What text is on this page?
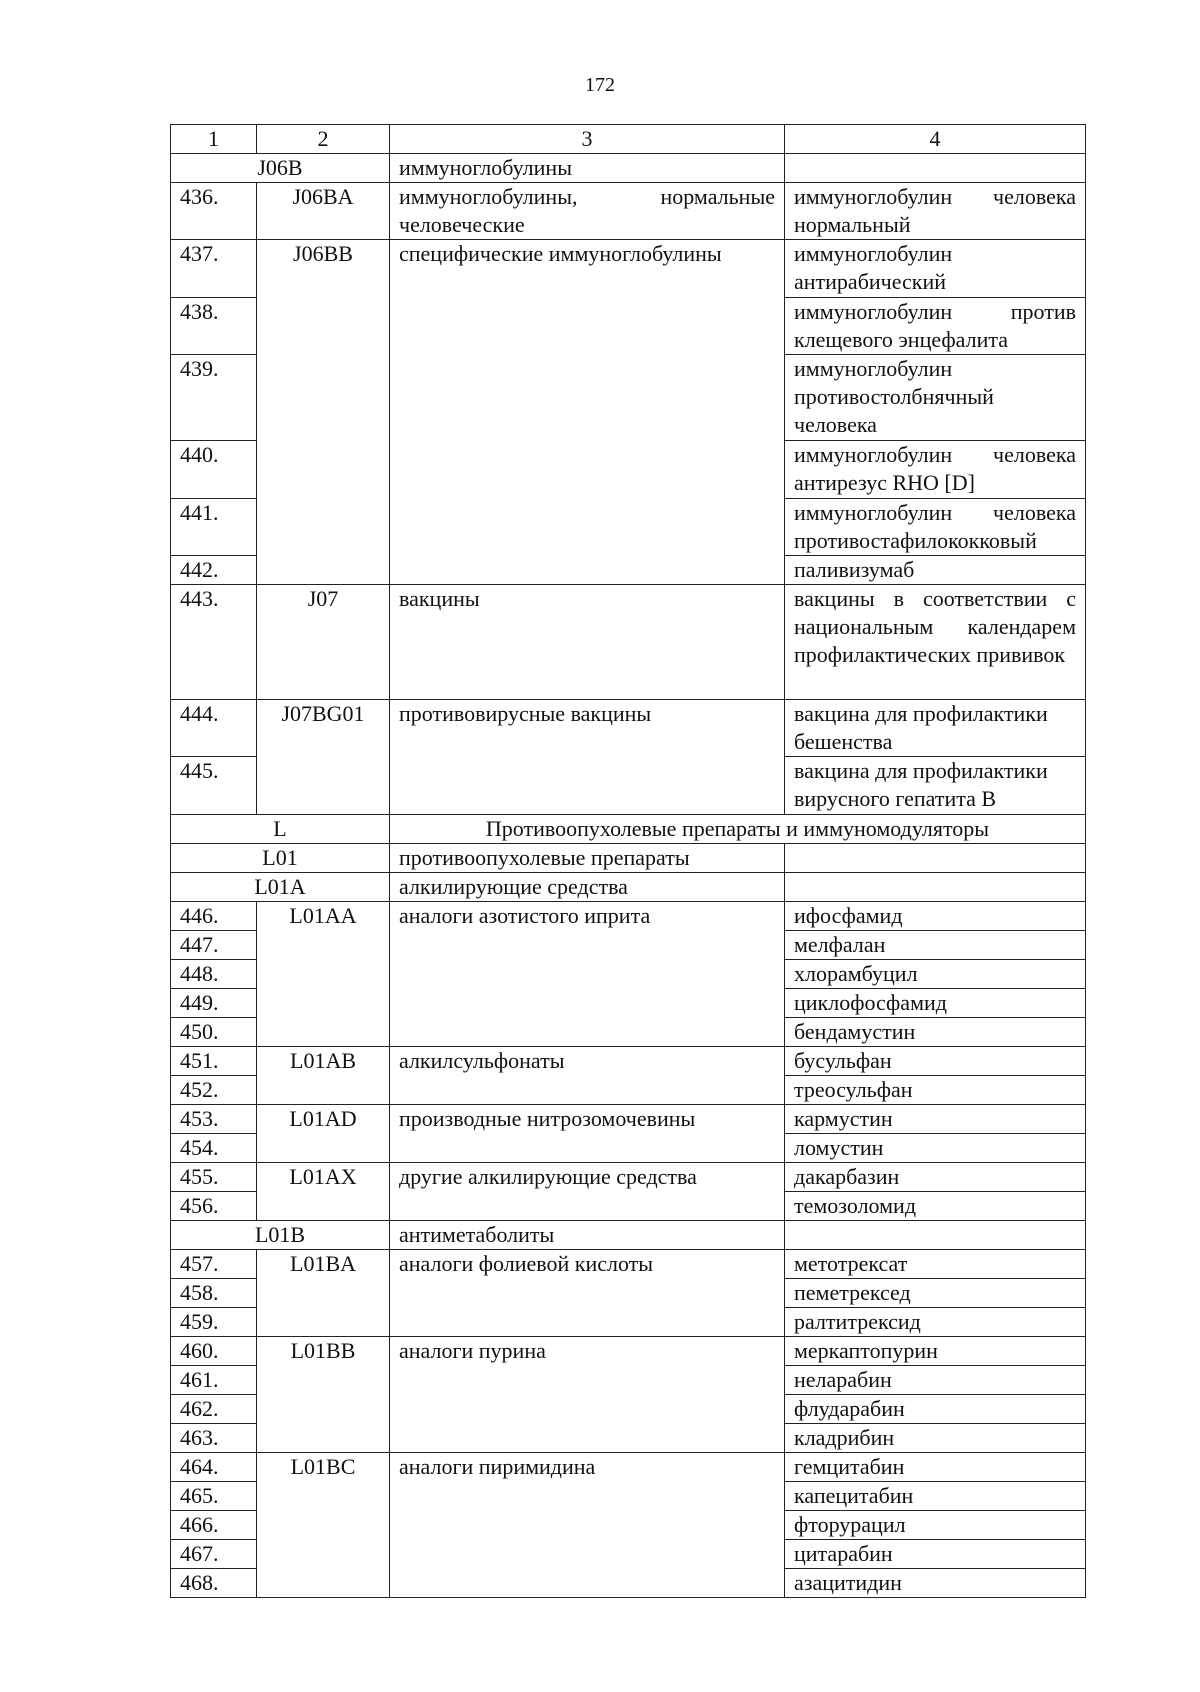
172
1	2	3	4
J06B		иммуноглобулины	
436.	J06BA	иммуноглобулины, нормальные человеческие	иммуноглобулин человека нормальный
437.	J06BB	специфические иммуноглобулины	иммуноглобулин антирабический
438.			иммуноглобулин против клещевого энцефалита
439.			иммуноглобулин противостолбнячный человека
440.			иммуноглобулин человека антирезус RHO [D]
441.			иммуноглобулин человека противостафилококковый
442.			паливизумаб
443.	J07	вакцины	вакцины в соответствии с национальным календарем профилактических прививок
444.	J07BG01	противовирусные вакцины	вакцина для профилактики бешенства
445.			вакцина для профилактики вирусного гепатита В
L		Противоопухолевые препараты и иммуномодуляторы	
L01		противоопухолевые препараты	
L01A		алкилирующие средства	
446.	L01AA	аналоги азотистого иприта	ифосфамид
447.			мелфалан
448.			хлорамбуцил
449.			циклофосфамид
450.			бендамустин
451.	L01AB	алкилсульфонаты	бусульфан
452.			треосульфан
453.	L01AD	производные нитрозомочевины	кармустин
454.			ломустин
455.	L01AX	другие алкилирующие средства	дакарбазин
456.			темозоломид
L01B		антиметаболиты	
457.	L01BA	аналоги фолиевой кислоты	метотрексат
458.			пеметрексед
459.			ралтитрексид
460.	L01BB	аналоги пурина	меркаптопурин
461.			неларабин
462.			флударабин
463.			кладрибин
464.	L01BC	аналоги пиримидина	гемцитабин
465.			капецитабин
466.			фторурацил
467.			цитарабин
468.			азацитидин
